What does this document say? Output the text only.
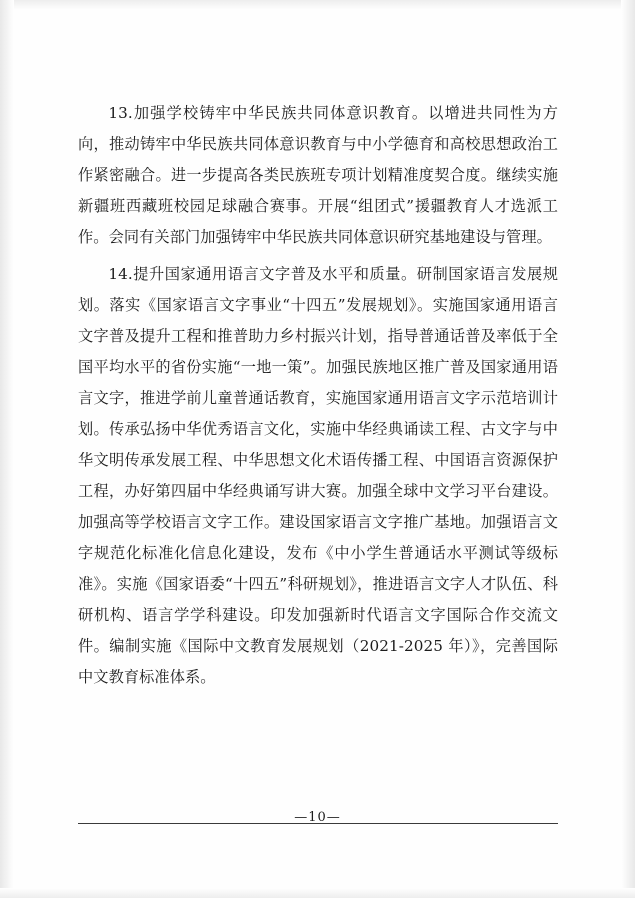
13.加强学校铸牢中华民族共同体意识教育。以增进共同性为方向，推动铸牢中华民族共同体意识教育与中小学德育和高校思想政治工作紧密融合。进一步提高各类民族班专项计划精准度契合度。继续实施新疆班西藏班校园足球融合赛事。开展“组团式”援疆教育人才选派工作。会同有关部门加强铸牢中华民族共同体意识研究基地建设与管理。

14.提升国家通用语言文字普及水平和质量。研制国家语言发展规划。落实《国家语言文字事业“十四五”发展规划》。实施国家通用语言文字普及提升工程和推普助力乡村振兴计划，指导普通话普及率低于全国平均水平的省份实施“一地一策”。加强民族地区推广普及国家通用语言文字，推进学前儿童普通话教育，实施国家通用语言文字示范培训计划。传承弘扬中华优秀语言文化，实施中华经典诵读工程、古文字与中华文明传承发展工程、中华思想文化术语传播工程、中国语言资源保护工程，办好第四届中华经典诵写讲大赛。加强全球中文学习平台建设。加强高等学校语言文字工作。建设国家语言文字推广基地。加强语言文字规范化标准化信息化建设，发布《中小学生普通话水平测试等级标准》。实施《国家语委“十四五”科研规划》，推进语言文字人才队伍、科研机构、语言学学科建设。印发加强新时代语言文字国际合作交流文件。编制实施《国际中文教育发展规划（2021-2025 年）》，完善国际中文教育标准体系。

—10—
